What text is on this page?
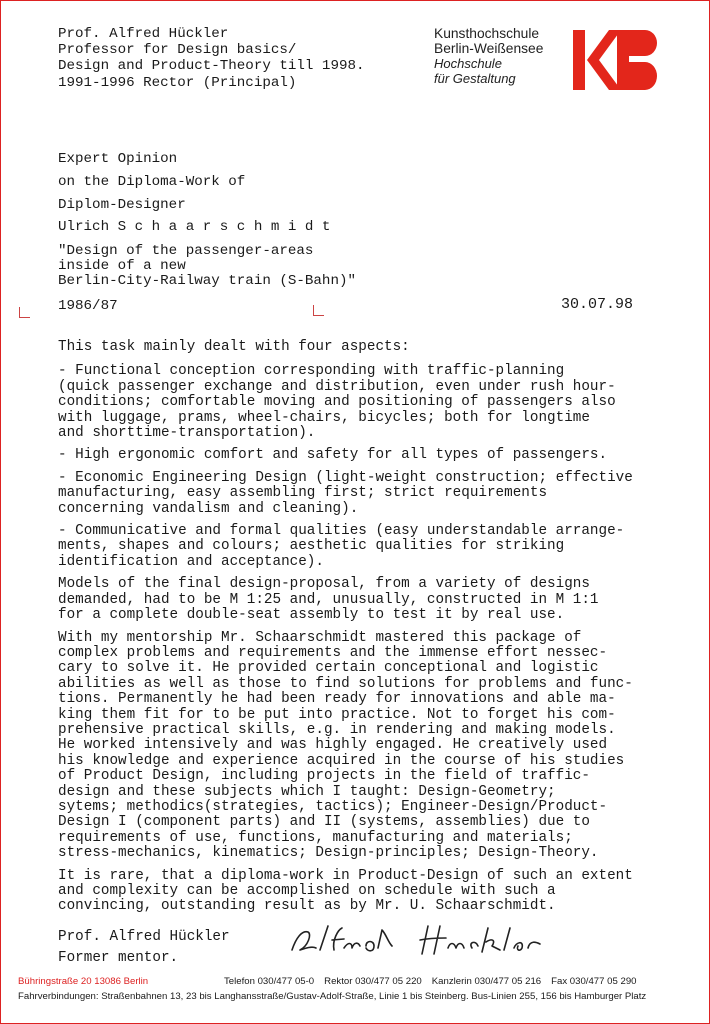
Prof. Alfred Hückler
Professor for Design basics/
Design and Product-Theory till 1998.
1991-1996 Rector (Principal)
Kunsthochschule
Berlin-Weißensee
Hochschule
für Gestaltung
Expert Opinion
on the Diploma-Work of
Diplom-Designer
Ulrich S c h a a r s c h m i d t
"Design of the passenger-areas
inside of a new
Berlin-City-Railway train (S-Bahn)"
1986/87	30.07.98
This task mainly dealt with four aspects:
- Functional conception corresponding with traffic-planning
(quick passenger exchange and distribution, even under rush hour-
conditions; comfortable moving and positioning of passengers also
with luggage, prams, wheel-chairs, bicycles; both for longtime
and shorttime-transportation).
- High ergonomic comfort and safety for all types of passengers.
- Economic Engineering Design (light-weight construction; effective
manufacturing, easy assembling first; strict requirements
concerning vandalism and cleaning).
- Communicative and formal qualities (easy understandable arrange-
ments, shapes and colours; aesthetic qualities for striking
identification and acceptance).
Models of the final design-proposal, from a variety of designs
demanded, had to be M 1:25 and, unusually, constructed in M 1:1
for a complete double-seat assembly to test it by real use.
With my mentorship Mr. Schaarschmidt mastered this package of
complex problems and requirements and the immense effort nessec-
cary to solve it. He provided certain conceptional and logistic
abilities as well as those to find solutions for problems and func-
tions. Permanently he had been ready for innovations and able ma-
king them fit for to be put into practice. Not to forget his com-
prehensive practical skills, e.g. in rendering and making models.
He worked intensively and was highly engaged. He creatively used
his knowledge and experience acquired in the course of his studies
of Product Design, including projects in the field of traffic-
design and these subjects which I taught: Design-Geometry;
sytems; methodics(strategies, tactics); Engineer-Design/Product-
Design I (component parts) and II (systems, assemblies) due to
requirements of use, functions, manufacturing and materials;
stress-mechanics, kinematics; Design-principles; Design-Theory.
It is rare, that a diploma-work in Product-Design of such an extent
and complexity can be accomplished on schedule with such a
convincing, outstanding result as by Mr. U. Schaarschmidt.
Prof. Alfred Hückler
Former mentor.
Bühringstraße 20 13086 Berlin	Telefon 030/477 05-0 Rektor 030/477 05 220 Kanzlerin 030/477 05 216 Fax 030/477 05 290
Fahrverbindungen: Straßenbahnen 13, 23 bis Langhansstraße/Gustav-Adolf-Straße, Linie 1 bis Steinberg. Bus-Linien 255, 156 bis Hamburger Platz
